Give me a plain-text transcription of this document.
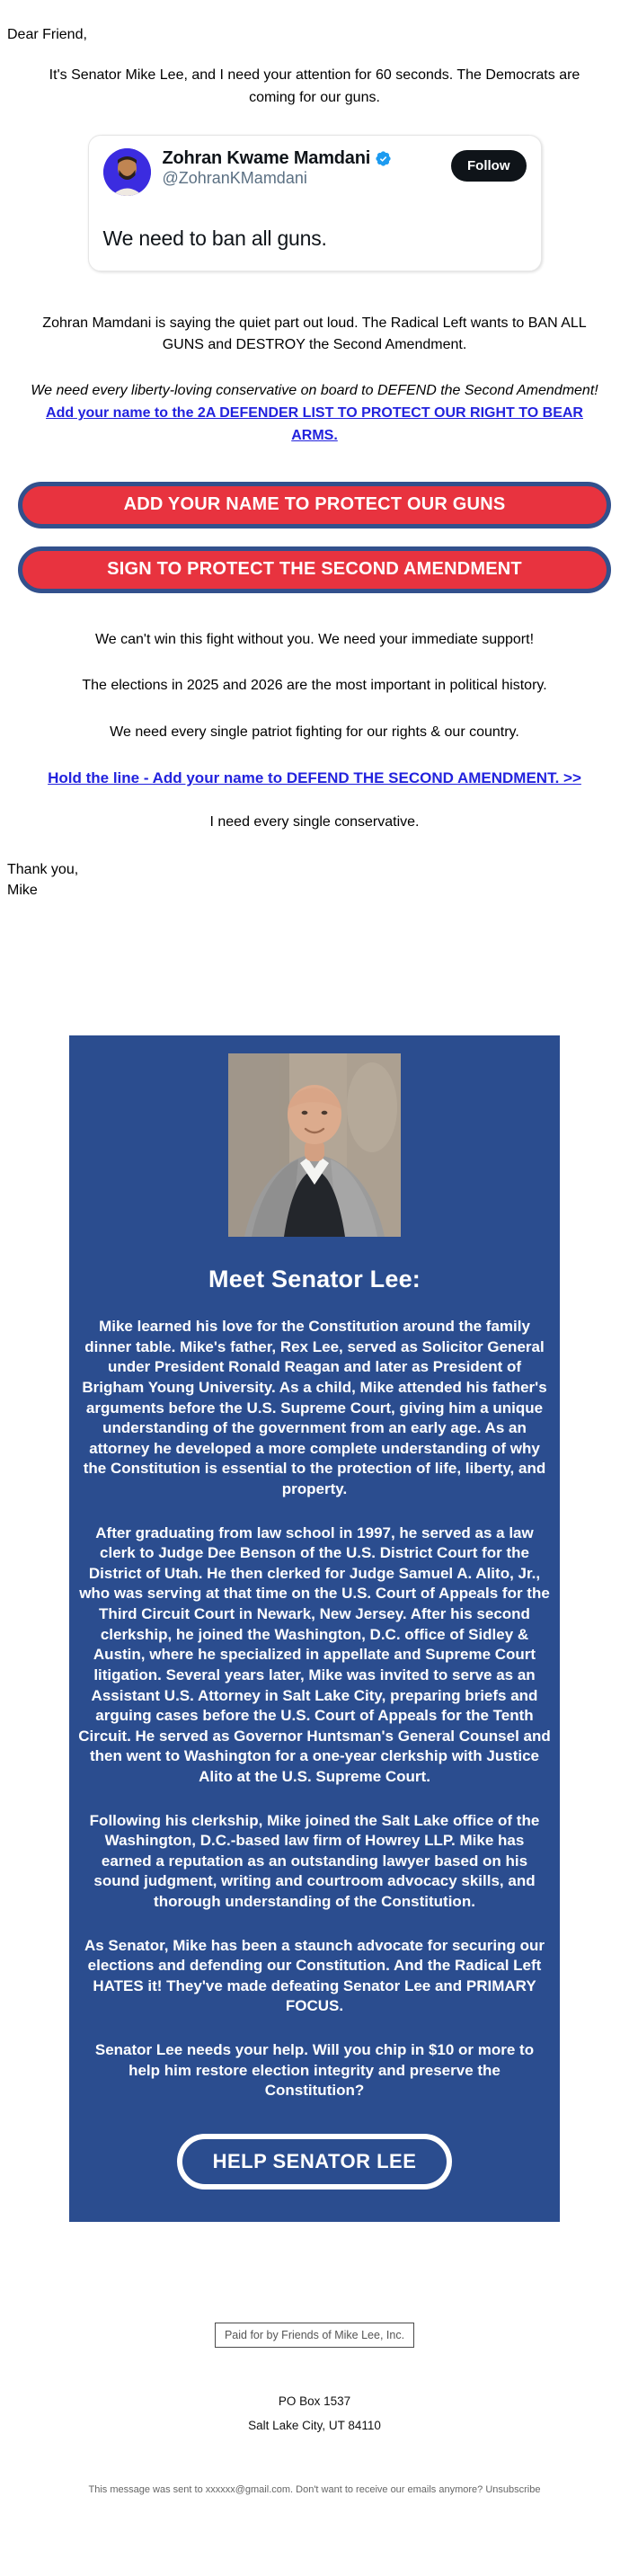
Dear Friend,
It's Senator Mike Lee, and I need your attention for 60 seconds. The Democrats are coming for our guns.
Zohran Kwame Mamdani
@ZohranKMamdani
Follow
We need to ban all guns.
Zohran Mamdani is saying the quiet part out loud. The Radical Left wants to BAN ALL GUNS and DESTROY the Second Amendment.
We need every liberty-loving conservative on board to DEFEND the Second Amendment! Add your name to the 2A DEFENDER LIST TO PROTECT OUR RIGHT TO BEAR ARMS.
ADD YOUR NAME TO PROTECT OUR GUNS
SIGN TO PROTECT THE SECOND AMENDMENT
We can't win this fight without you. We need your immediate support!
The elections in 2025 and 2026 are the most important in political history.
We need every single patriot fighting for our rights & our country.
Hold the line - Add your name to DEFEND THE SECOND AMENDMENT. >>
I need every single conservative.
Thank you,
Mike
Meet Senator Lee:

Mike learned his love for the Constitution around the family dinner table. Mike's father, Rex Lee, served as Solicitor General under President Ronald Reagan and later as President of Brigham Young University. As a child, Mike attended his father's arguments before the U.S. Supreme Court, giving him a unique understanding of the government from an early age. As an attorney he developed a more complete understanding of why the Constitution is essential to the protection of life, liberty, and property.

After graduating from law school in 1997, he served as a law clerk to Judge Dee Benson of the U.S. District Court for the District of Utah. He then clerked for Judge Samuel A. Alito, Jr., who was serving at that time on the U.S. Court of Appeals for the Third Circuit Court in Newark, New Jersey. After his second clerkship, he joined the Washington, D.C. office of Sidley & Austin, where he specialized in appellate and Supreme Court litigation. Several years later, Mike was invited to serve as an Assistant U.S. Attorney in Salt Lake City, preparing briefs and arguing cases before the U.S. Court of Appeals for the Tenth Circuit. He served as Governor Huntsman's General Counsel and then went to Washington for a one-year clerkship with Justice Alito at the U.S. Supreme Court.

Following his clerkship, Mike joined the Salt Lake office of the Washington, D.C.-based law firm of Howrey LLP. Mike has earned a reputation as an outstanding lawyer based on his sound judgment, writing and courtroom advocacy skills, and thorough understanding of the Constitution.

As Senator, Mike has been a staunch advocate for securing our elections and defending our Constitution. And the Radical Left HATES it! They've made defeating Senator Lee and PRIMARY FOCUS.

Senator Lee needs your help. Will you chip in $10 or more to help him restore election integrity and preserve the Constitution?

HELP SENATOR LEE
Paid for by Friends of Mike Lee, Inc.
PO Box 1537
Salt Lake City, UT 84110
This message was sent to xxxxxx@gmail.com. Don't want to receive our emails anymore? Unsubscribe
